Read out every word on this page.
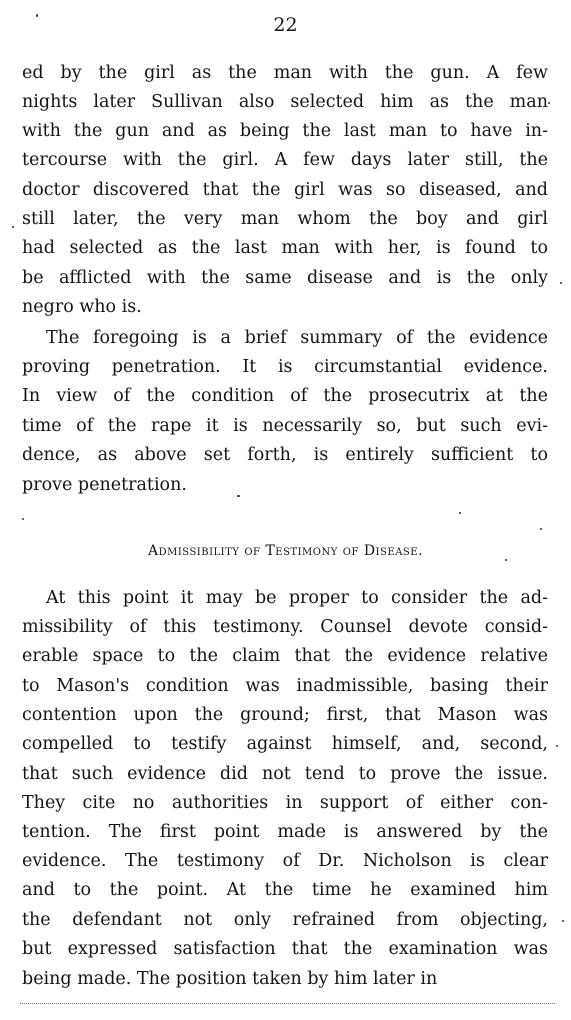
22
ed by the girl as the man with the gun. A few
nights later Sullivan also selected him as the man
with the gun and as being the last man to have in-
tercourse with the girl. A few days later still, the
doctor discovered that the girl was so diseased, and
still later, the very man whom the boy and girl
had selected as the last man with her, is found to
be afflicted with the same disease and is the only
negro who is.
The foregoing is a brief summary of the evidence
proving penetration. It is circumstantial evidence.
In view of the condition of the prosecutrix at the
time of the rape it is necessarily so, but such evi-
dence, as above set forth, is entirely sufficient to
prove penetration.
Admissibility of Testimony of Disease.
At this point it may be proper to consider the ad-
missibility of this testimony. Counsel devote consid-
erable space to the claim that the evidence relative
to Mason's condition was inadmissible, basing their
contention upon the ground; first, that Mason was
compelled to testify against himself, and, second,
that such evidence did not tend to prove the issue.
They cite no authorities in support of either con-
tention. The first point made is answered by the
evidence. The testimony of Dr. Nicholson is clear
and to the point. At the time he examined him
the defendant not only refrained from objecting,
but expressed satisfaction that the examination was
being made. The position taken by him later in
